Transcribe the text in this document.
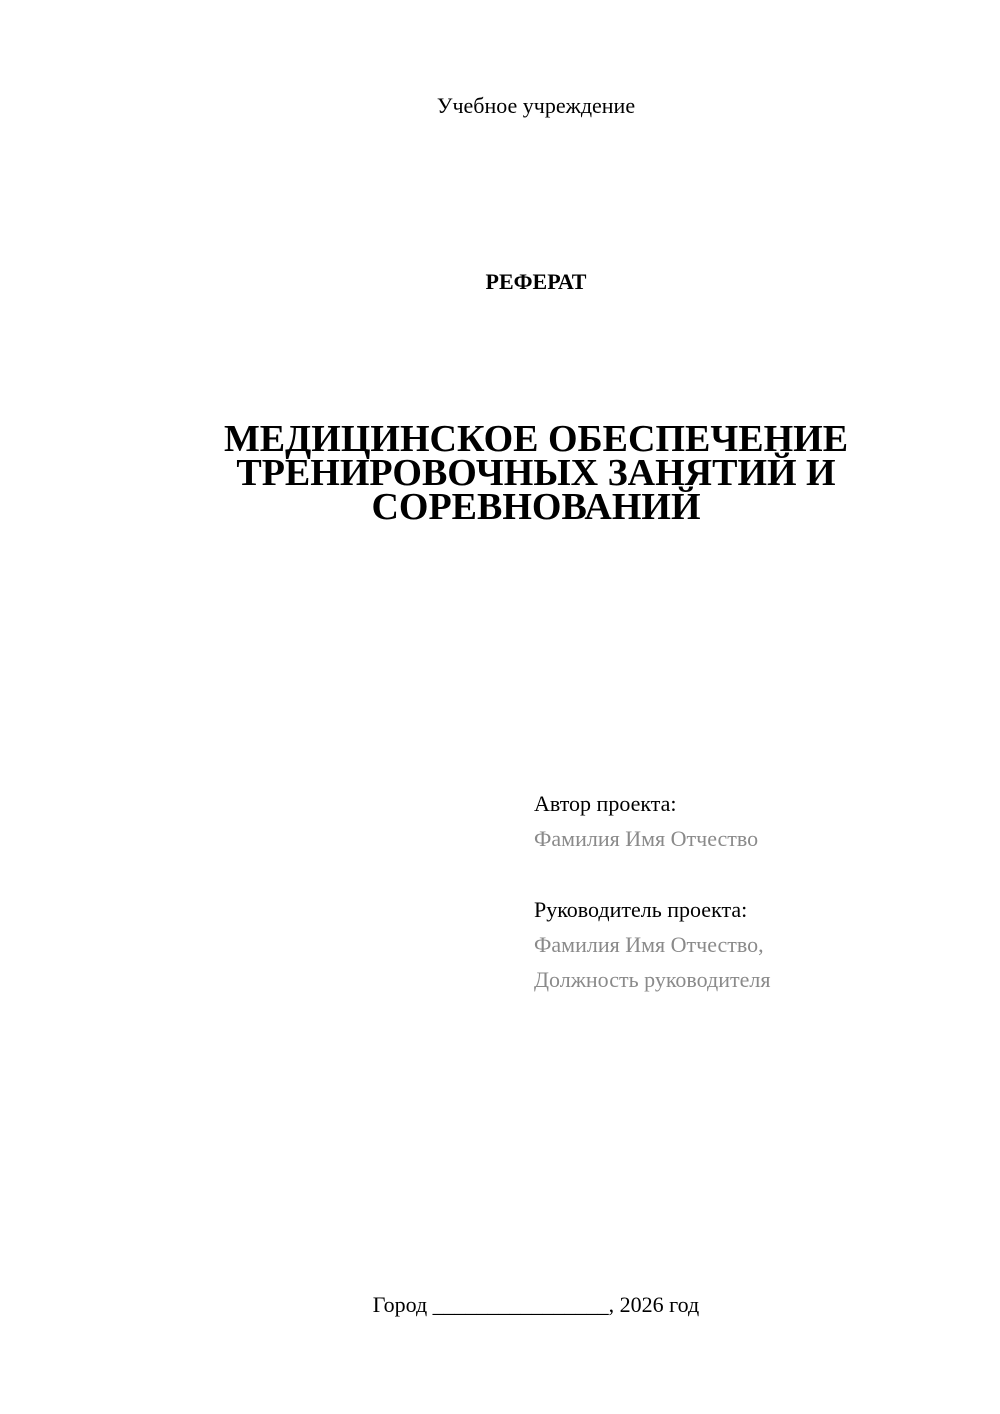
Учебное учреждение
РЕФЕРАТ
МЕДИЦИНСКОЕ ОБЕСПЕЧЕНИЕ
ТРЕНИРОВОЧНЫХ ЗАНЯТИЙ И
СОРЕВНОВАНИЙ
Автор проекта:
Фамилия Имя Отчество
Руководитель проекта:
Фамилия Имя Отчество,
Должность руководителя
Город ________________, 2026 год
